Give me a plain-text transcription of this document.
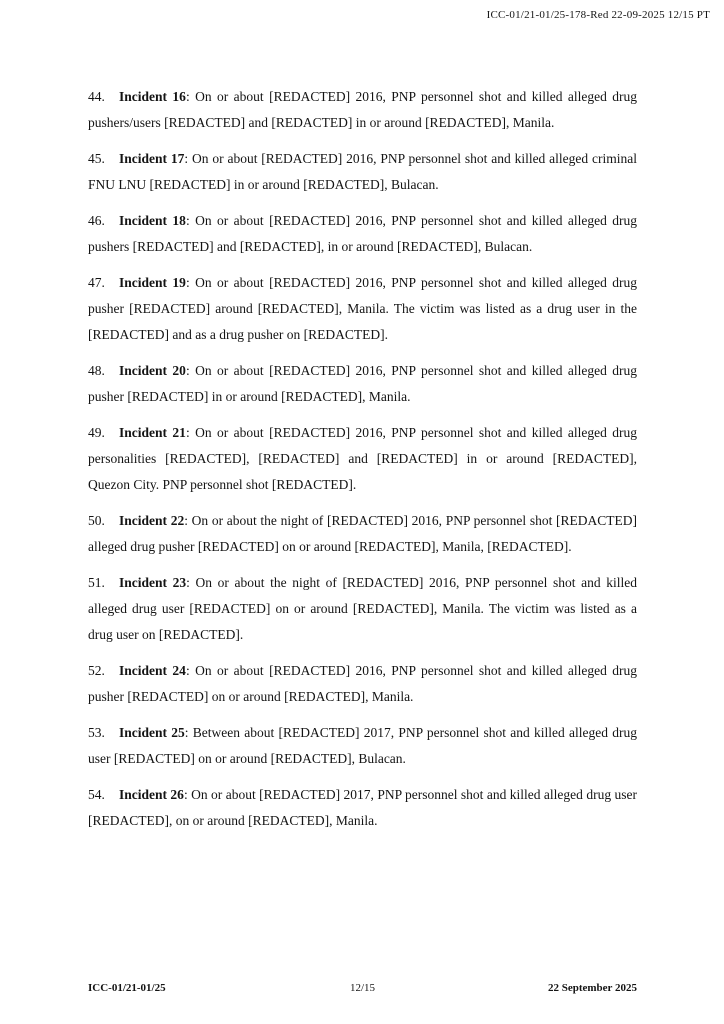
ICC-01/21-01/25-178-Red 22-09-2025 12/15 PT

44. Incident 16: On or about [REDACTED] 2016, PNP personnel shot and killed alleged drug pushers/users [REDACTED] and [REDACTED] in or around [REDACTED], Manila.

45. Incident 17: On or about [REDACTED] 2016, PNP personnel shot and killed alleged criminal FNU LNU [REDACTED] in or around [REDACTED], Bulacan.

46. Incident 18: On or about [REDACTED] 2016, PNP personnel shot and killed alleged drug pushers [REDACTED] and [REDACTED], in or around [REDACTED], Bulacan.

47. Incident 19: On or about [REDACTED] 2016, PNP personnel shot and killed alleged drug pusher [REDACTED] around [REDACTED], Manila. The victim was listed as a drug user in the [REDACTED] and as a drug pusher on [REDACTED].

48. Incident 20: On or about [REDACTED] 2016, PNP personnel shot and killed alleged drug pusher [REDACTED] in or around [REDACTED], Manila.

49. Incident 21: On or about [REDACTED] 2016, PNP personnel shot and killed alleged drug personalities [REDACTED], [REDACTED] and [REDACTED] in or around [REDACTED], Quezon City. PNP personnel shot [REDACTED].

50. Incident 22: On or about the night of [REDACTED] 2016, PNP personnel shot [REDACTED] alleged drug pusher [REDACTED] on or around [REDACTED], Manila, [REDACTED].

51. Incident 23: On or about the night of [REDACTED] 2016, PNP personnel shot and killed alleged drug user [REDACTED] on or around [REDACTED], Manila. The victim was listed as a drug user on [REDACTED].

52. Incident 24: On or about [REDACTED] 2016, PNP personnel shot and killed alleged drug pusher [REDACTED] on or around [REDACTED], Manila.

53. Incident 25: Between about [REDACTED] 2017, PNP personnel shot and killed alleged drug user [REDACTED] on or around [REDACTED], Bulacan.

54. Incident 26: On or about [REDACTED] 2017, PNP personnel shot and killed alleged drug user [REDACTED], on or around [REDACTED], Manila.

ICC-01/21-01/25	12/15	22 September 2025
